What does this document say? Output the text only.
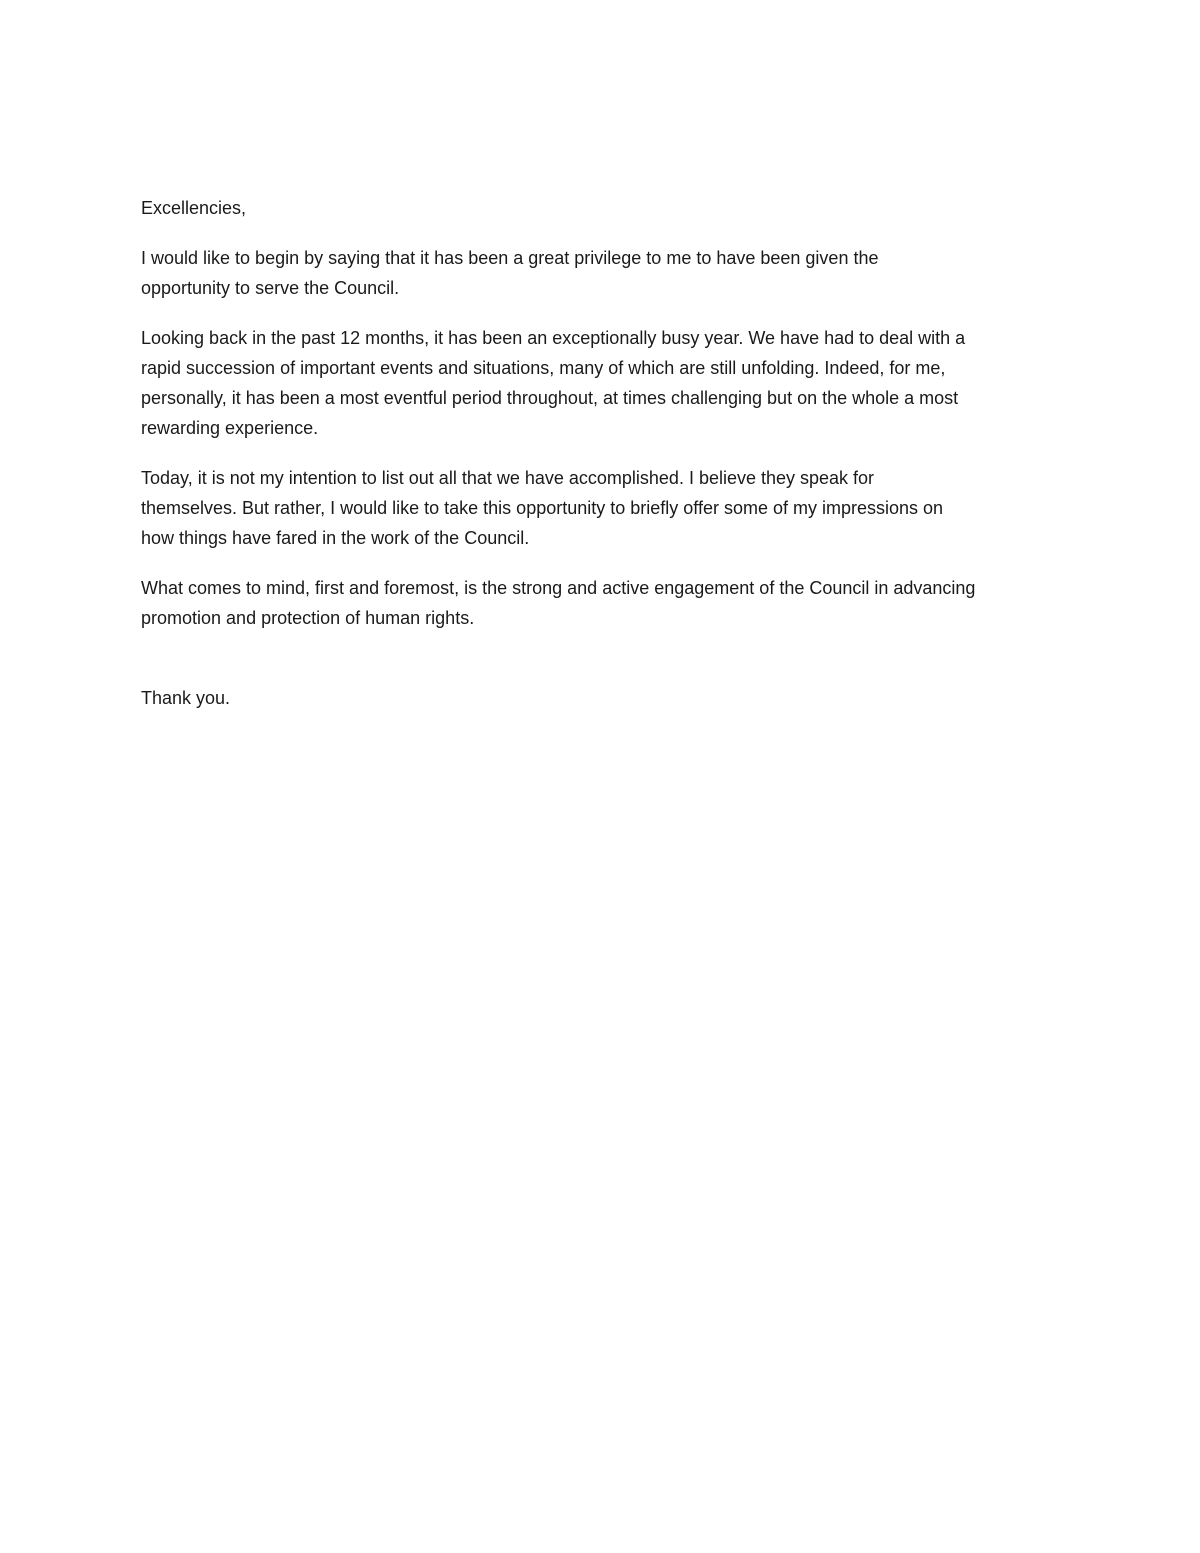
Excellencies,

I would like to begin by saying that it has been a great privilege to me to have been given the
opportunity to serve the Council.

Looking back in the past 12 months, it has been an exceptionally busy year. We have had to deal with a
rapid succession of important events and situations, many of which are still unfolding. Indeed, for me,
personally, it has been a most eventful period throughout, at times challenging but on the whole a most
rewarding experience.

Today, it is not my intention to list out all that we have accomplished. I believe they speak for
themselves. But rather, I would like to take this opportunity to briefly offer some of my impressions on
how things have fared in the work of the Council.

What comes to mind, first and foremost, is the strong and active engagement of the Council in advancing
promotion and protection of human rights.

Thank you.
